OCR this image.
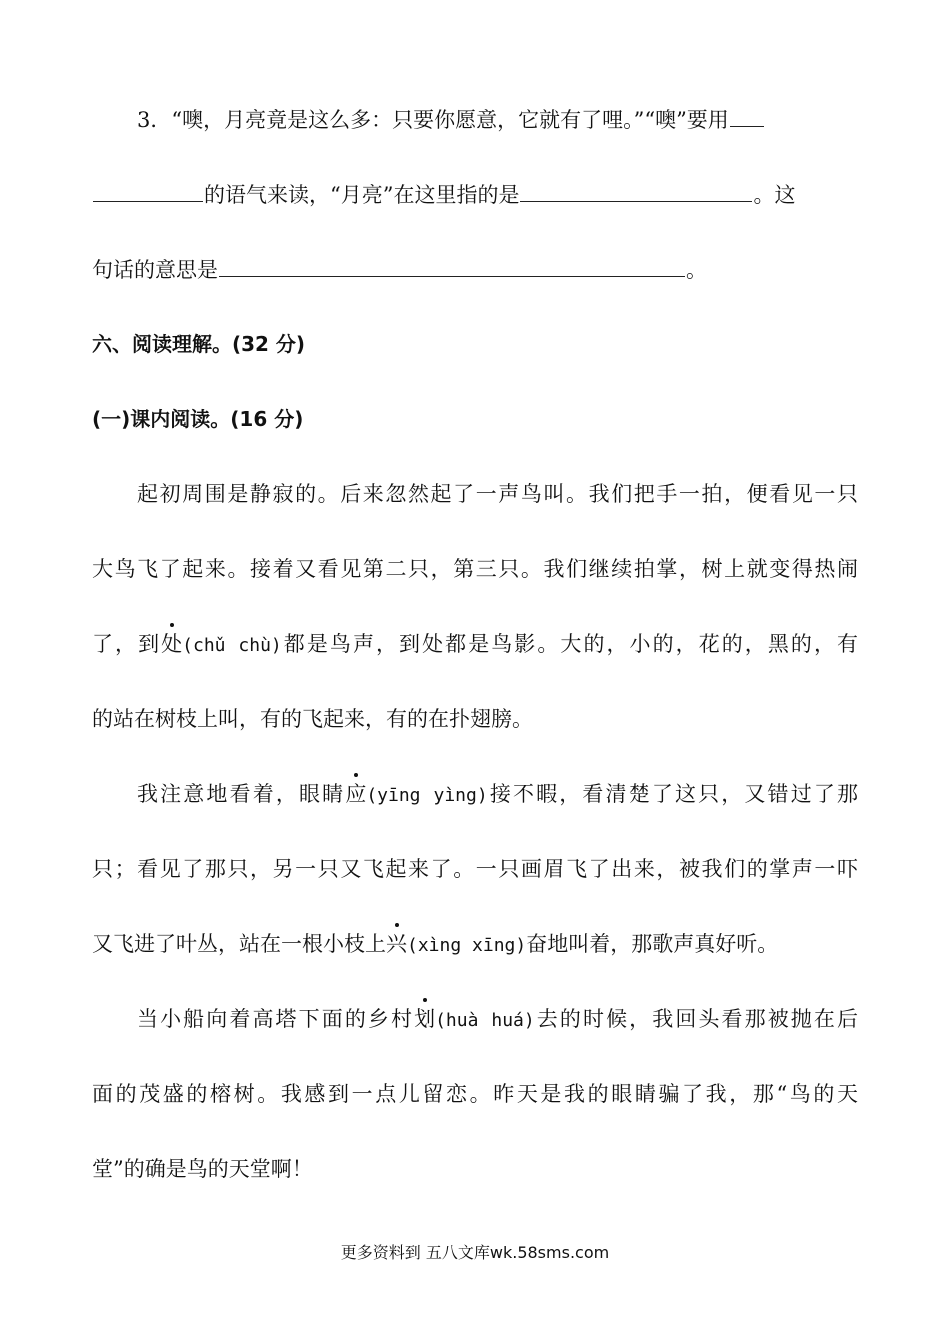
3．“噢，月亮竟是这么多：只要你愿意，它就有了哩。”“噢”要用
的语气来读，“月亮”在这里指的是	。这
句话的意思是	。
六、阅读理解。(32 分)
(一)课内阅读。(16 分)
起初周围是静寂的。后来忽然起了一声鸟叫。我们把手一拍，便看见一只
大鸟飞了起来。接着又看见第二只，第三只。我们继续拍掌，树上就变得热闹
了，到处(chǔ chù)都是鸟声，到处都是鸟影。大的，小的，花的，黑的，有
的站在树枝上叫，有的飞起来，有的在扑翅膀。
我注意地看着，眼睛应(yīng yìng)接不暇，看清楚了这只，又错过了那
只；看见了那只，另一只又飞起来了。一只画眉飞了出来，被我们的掌声一吓
又飞进了叶丛，站在一根小枝上兴(xìng xīng)奋地叫着，那歌声真好听。
当小船向着高塔下面的乡村划(huà huá)去的时候，我回头看那被抛在后
面的茂盛的榕树。我感到一点儿留恋。昨天是我的眼睛骗了我，那“鸟的天
堂”的确是鸟的天堂啊！
更多资料到 五八文库wk.58sms.com
